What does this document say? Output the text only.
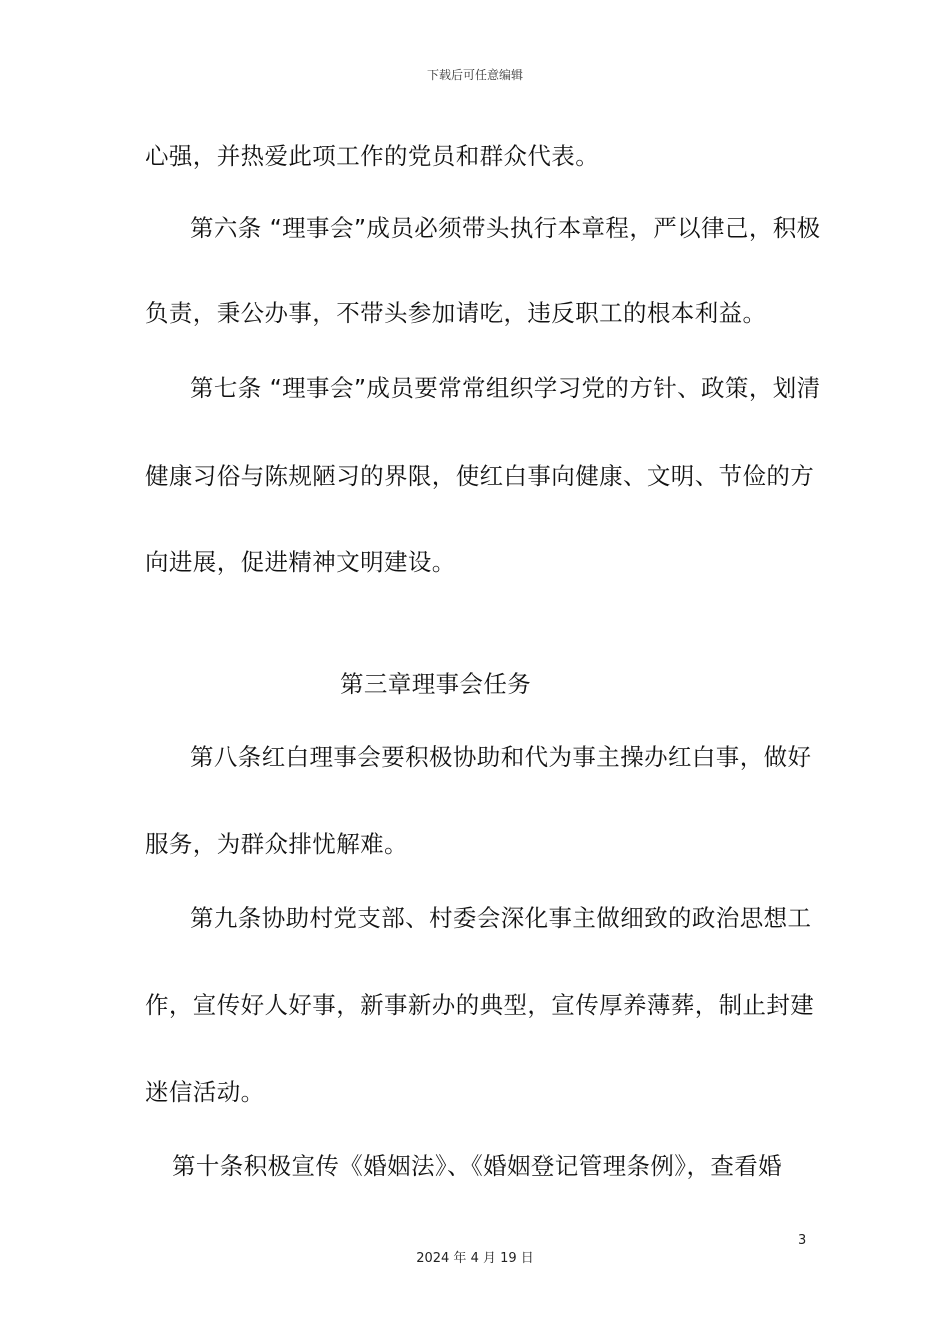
下载后可任意编辑
心强，并热爱此项工作的党员和群众代表。
第六条 “理事会”成员必须带头执行本章程，严以律己，积极
负责，秉公办事，不带头参加请吃，违反职工的根本利益。
第七条 “理事会”成员要常常组织学习党的方针、政策，划清
健康习俗与陈规陋习的界限，使红白事向健康、文明、节俭的方
向进展，促进精神文明建设。
第三章理事会任务
第八条红白理事会要积极协助和代为事主操办红白事，做好
服务，为群众排忧解难。
第九条协助村党支部、村委会深化事主做细致的政治思想工
作，宣传好人好事，新事新办的典型，宣传厚养薄葬，制止封建
迷信活动。
第十条积极宣传《婚姻法》、《婚姻登记管理条例》，查看婚
3
2024 年 4 月 19 日
